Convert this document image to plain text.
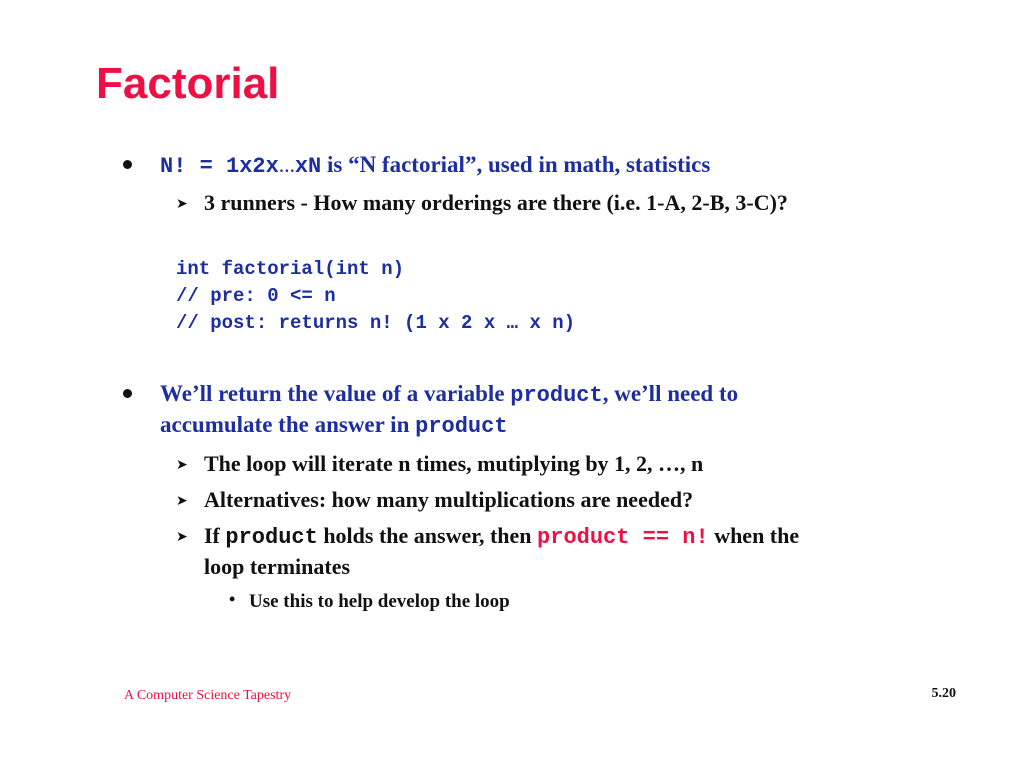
Factorial
N! = 1x2x…xN is “N factorial”, used in math, statistics
➤ 3 runners - How many orderings are there (i.e. 1-A, 2-B, 3-C)?
int factorial(int n)
// pre: 0 <= n
// post: returns n! (1 x 2 x … x n)
We’ll return the value of a variable product, we’ll need to
accumulate the answer in product
➤ The loop will iterate n times, mutiplying by 1, 2, …, n
➤ Alternatives: how many multiplications are needed?
➤ If product holds the answer, then product == n! when the
loop terminates
• Use this to help develop the loop
A Computer Science Tapestry	5.20
